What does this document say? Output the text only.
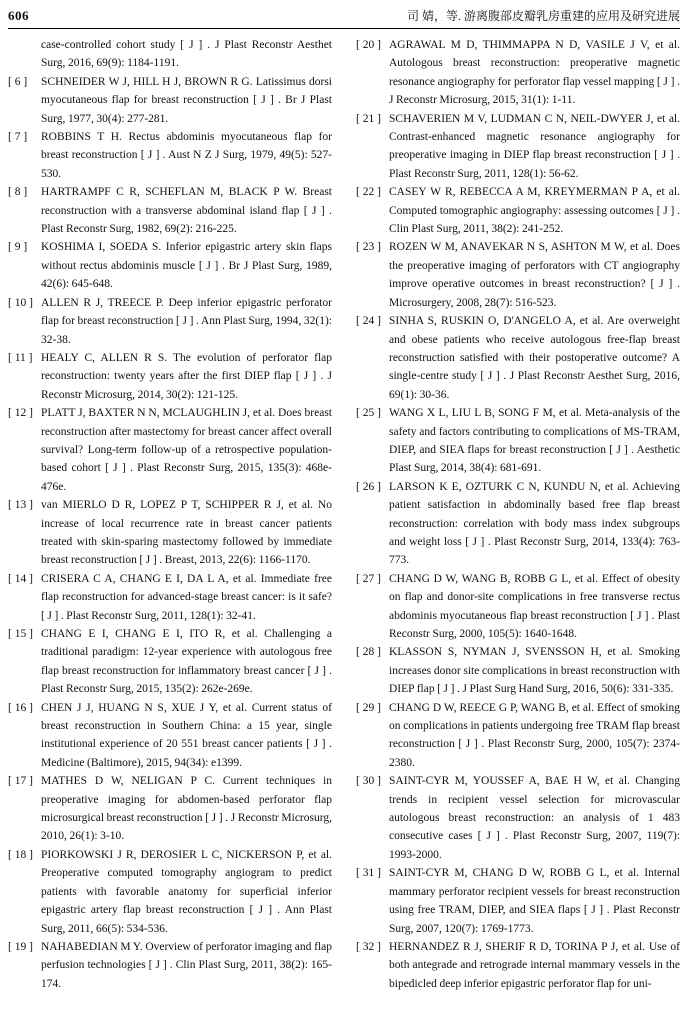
606	司 婧，等. 游离腹部皮瓣乳房重建的应用及研究进展
case-controlled cohort study [ J ] . J Plast Reconstr Aesthet Surg, 2016, 69(9): 1184-1191.
[ 6 ]	SCHNEIDER W J, HILL H J, BROWN R G. Latissimus dorsi myocutaneous flap for breast reconstruction [ J ] . Br J Plast Surg, 1977, 30(4): 277-281.
[ 7 ]	ROBBINS T H. Rectus abdominis myocutaneous flap for breast reconstruction [ J ] . Aust N Z J Surg, 1979, 49(5): 527-530.
[ 8 ]	HARTRAMPF C R, SCHEFLAN M, BLACK P W. Breast reconstruction with a transverse abdominal island flap [ J ] . Plast Reconstr Surg, 1982, 69(2): 216-225.
[ 9 ]	KOSHIMA I, SOEDA S. Inferior epigastric artery skin flaps without rectus abdominis muscle [ J ] . Br J Plast Surg, 1989, 42(6): 645-648.
[ 10 ] ALLEN R J, TREECE P. Deep inferior epigastric perforator flap for breast reconstruction [ J ] . Ann Plast Surg, 1994, 32(1): 32-38.
[ 11 ] HEALY C, ALLEN R S. The evolution of perforator flap reconstruction: twenty years after the first DIEP flap [ J ] . J Reconstr Microsurg, 2014, 30(2): 121-125.
[ 12 ] PLATT J, BAXTER N N, MCLAUGHLIN J, et al. Does breast reconstruction after mastectomy for breast cancer affect overall survival? Long-term follow-up of a retrospective population-based cohort [ J ] . Plast Reconstr Surg, 2015, 135(3): 468e-476e.
[ 13 ] van MIERLO D R, LOPEZ P T, SCHIPPER R J, et al. No increase of local recurrence rate in breast cancer patients treated with skin-sparing mastectomy followed by immediate breast reconstruction [ J ] . Breast, 2013, 22(6): 1166-1170.
[ 14 ] CRISERA C A, CHANG E I, DA L A, et al. Immediate free flap reconstruction for advanced-stage breast cancer: is it safe? [ J ] . Plast Reconstr Surg, 2011, 128(1): 32-41.
[ 15 ] CHANG E I, CHANG E I, ITO R, et al. Challenging a traditional paradigm: 12-year experience with autologous free flap breast reconstruction for inflammatory breast cancer [ J ] . Plast Reconstr Surg, 2015, 135(2): 262e-269e.
[ 16 ] CHEN J J, HUANG N S, XUE J Y, et al. Current status of breast reconstruction in Southern China: a 15 year, single institutional experience of 20 551 breast cancer patients [ J ] . Medicine (Baltimore), 2015, 94(34): e1399.
[ 17 ] MATHES D W, NELIGAN P C. Current techniques in preoperative imaging for abdomen-based perforator flap microsurgical breast reconstruction [ J ] . J Reconstr Microsurg, 2010, 26(1): 3-10.
[ 18 ] PIORKOWSKI J R, DEROSIER L C, NICKERSON P, et al. Preoperative computed tomography angiogram to predict patients with favorable anatomy for superficial inferior epigastric artery flap breast reconstruction [ J ] . Ann Plast Surg, 2011, 66(5): 534-536.
[ 19 ] NAHABEDIAN M Y. Overview of perforator imaging and flap perfusion technologies [ J ] . Clin Plast Surg, 2011, 38(2): 165-174.
[ 20 ] AGRAWAL M D, THIMMAPPA N D, VASILE J V, et al. Autologous breast reconstruction: preoperative magnetic resonance angiography for perforator flap vessel mapping [ J ] . J Reconstr Microsurg, 2015, 31(1): 1-11.
[ 21 ] SCHAVERIEN M V, LUDMAN C N, NEIL-DWYER J, et al. Contrast-enhanced magnetic resonance angiography for preoperative imaging in DIEP flap breast reconstruction [ J ] . Plast Reconstr Surg, 2011, 128(1): 56-62.
[ 22 ] CASEY W R, REBECCA A M, KREYMERMAN P A, et al. Computed tomographic angiography: assessing outcomes [ J ] . Clin Plast Surg, 2011, 38(2): 241-252.
[ 23 ] ROZEN W M, ANAVEKAR N S, ASHTON M W, et al. Does the preoperative imaging of perforators with CT angiography improve operative outcomes in breast reconstruction? [ J ] . Microsurgery, 2008, 28(7): 516-523.
[ 24 ] SINHA S, RUSKIN O, D'ANGELO A, et al. Are overweight and obese patients who receive autologous free-flap breast reconstruction satisfied with their postoperative outcome? A single-centre study [ J ] . J Plast Reconstr Aesthet Surg, 2016, 69(1): 30-36.
[ 25 ] WANG X L, LIU L B, SONG F M, et al. Meta-analysis of the safety and factors contributing to complications of MS-TRAM, DIEP, and SIEA flaps for breast reconstruction [ J ] . Aesthetic Plast Surg, 2014, 38(4): 681-691.
[ 26 ] LARSON K E, OZTURK C N, KUNDU N, et al. Achieving patient satisfaction in abdominally based free flap breast reconstruction: correlation with body mass index subgroups and weight loss [ J ] . Plast Reconstr Surg, 2014, 133(4): 763-773.
[ 27 ] CHANG D W, WANG B, ROBB G L, et al. Effect of obesity on flap and donor-site complications in free transverse rectus abdominis myocutaneous flap breast reconstruction [ J ] . Plast Reconstr Surg, 2000, 105(5): 1640-1648.
[ 28 ] KLASSON S, NYMAN J, SVENSSON H, et al. Smoking increases donor site complications in breast reconstruction with DIEP flap [ J ] . J Plast Surg Hand Surg, 2016, 50(6): 331-335.
[ 29 ] CHANG D W, REECE G P, WANG B, et al. Effect of smoking on complications in patients undergoing free TRAM flap breast reconstruction [ J ] . Plast Reconstr Surg, 2000, 105(7): 2374-2380.
[ 30 ] SAINT-CYR M, YOUSSEF A, BAE H W, et al. Changing trends in recipient vessel selection for microvascular autologous breast reconstruction: an analysis of 1 483 consecutive cases [ J ] . Plast Reconstr Surg, 2007, 119(7): 1993-2000.
[ 31 ] SAINT-CYR M, CHANG D W, ROBB G L, et al. Internal mammary perforator recipient vessels for breast reconstruction using free TRAM, DIEP, and SIEA flaps [ J ] . Plast Reconstr Surg, 2007, 120(7): 1769-1773.
[ 32 ] HERNANDEZ R J, SHERIF R D, TORINA P J, et al. Use of both antegrade and retrograde internal mammary vessels in the bipedicled deep inferior epigastric perforator flap for uni-
